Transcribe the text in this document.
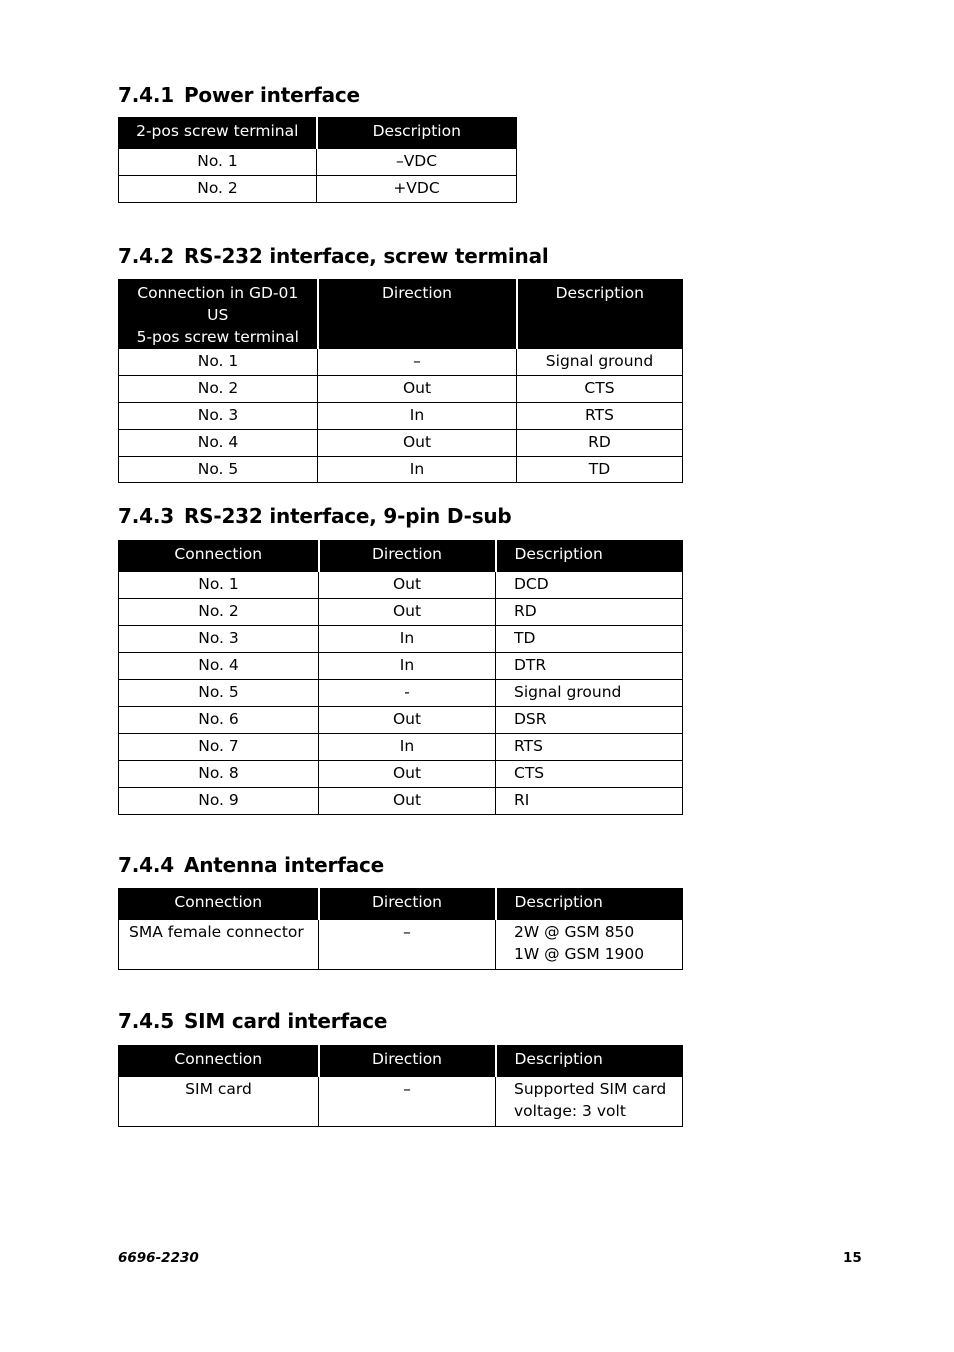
7.4.1 Power interface
2-pos screw terminal	Description
No. 1	–VDC
No. 2	+VDC
7.4.2 RS-232 interface, screw terminal
Connection in GD-01 US
5-pos screw terminal	Direction	Description
No. 1	–	Signal ground
No. 2	Out	CTS
No. 3	In	RTS
No. 4	Out	RD
No. 5	In	TD
7.4.3 RS-232 interface, 9-pin D-sub
Connection	Direction	Description
No. 1	Out	DCD
No. 2	Out	RD
No. 3	In	TD
No. 4	In	DTR
No. 5	-	Signal ground
No. 6	Out	DSR
No. 7	In	RTS
No. 8	Out	CTS
No. 9	Out	RI
7.4.4 Antenna interface
Connection	Direction	Description
SMA female connector	–	2W @ GSM 850
1W @ GSM 1900
7.4.5 SIM card interface
Connection	Direction	Description
SIM card	–	Supported SIM card
voltage: 3 volt
6696-2230	15
